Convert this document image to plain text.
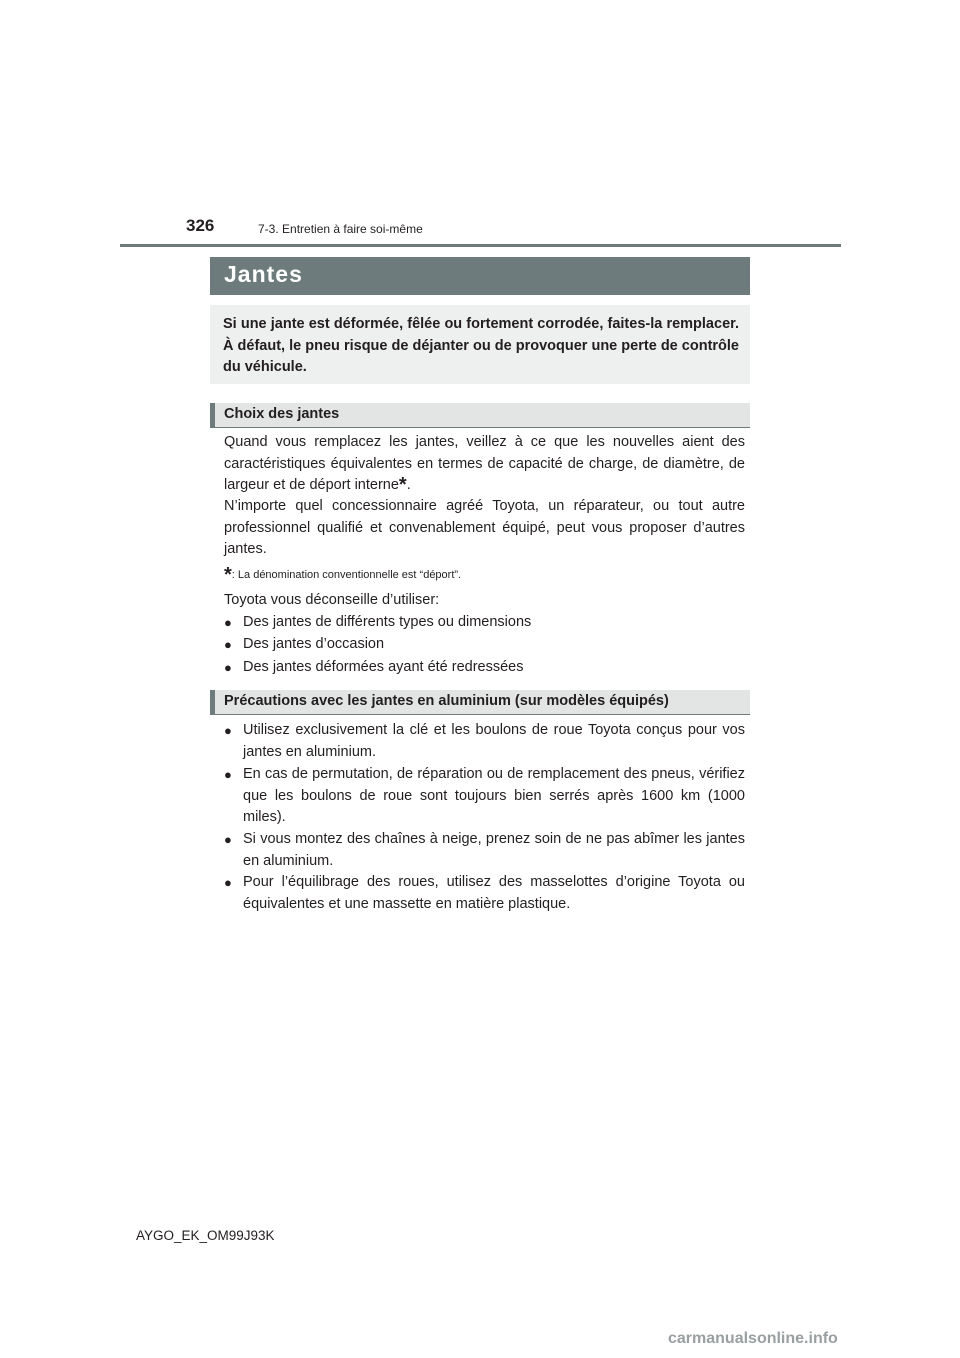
326	7-3. Entretien à faire soi-même
Jantes

Si une jante est déformée, fêlée ou fortement corrodée, faites-la remplacer. À défaut, le pneu risque de déjanter ou de provoquer une perte de contrôle du véhicule.

Choix des jantes

Quand vous remplacez les jantes, veillez à ce que les nouvelles aient des caractéristiques équivalentes en termes de capacité de charge, de diamètre, de largeur et de déport interne*.

N’importe quel concessionnaire agréé Toyota, un réparateur, ou tout autre professionnel qualifié et convenablement équipé, peut vous proposer d’autres jantes.

*: La dénomination conventionnelle est “déport”.

Toyota vous déconseille d’utiliser:

● Des jantes de différents types ou dimensions
● Des jantes d’occasion
● Des jantes déformées ayant été redressées
Précautions avec les jantes en aluminium (sur modèles équipés)
● Utilisez exclusivement la clé et les boulons de roue Toyota conçus pour vos jantes en aluminium.
● En cas de permutation, de réparation ou de remplacement des pneus, vérifiez que les boulons de roue sont toujours bien serrés après 1600 km (1000 miles).
● Si vous montez des chaînes à neige, prenez soin de ne pas abîmer les jantes en aluminium.
● Pour l’équilibrage des roues, utilisez des masselottes d’origine Toyota ou équivalentes et une massette en matière plastique.
AYGO_EK_OM99J93K
carmanualsonline.info
